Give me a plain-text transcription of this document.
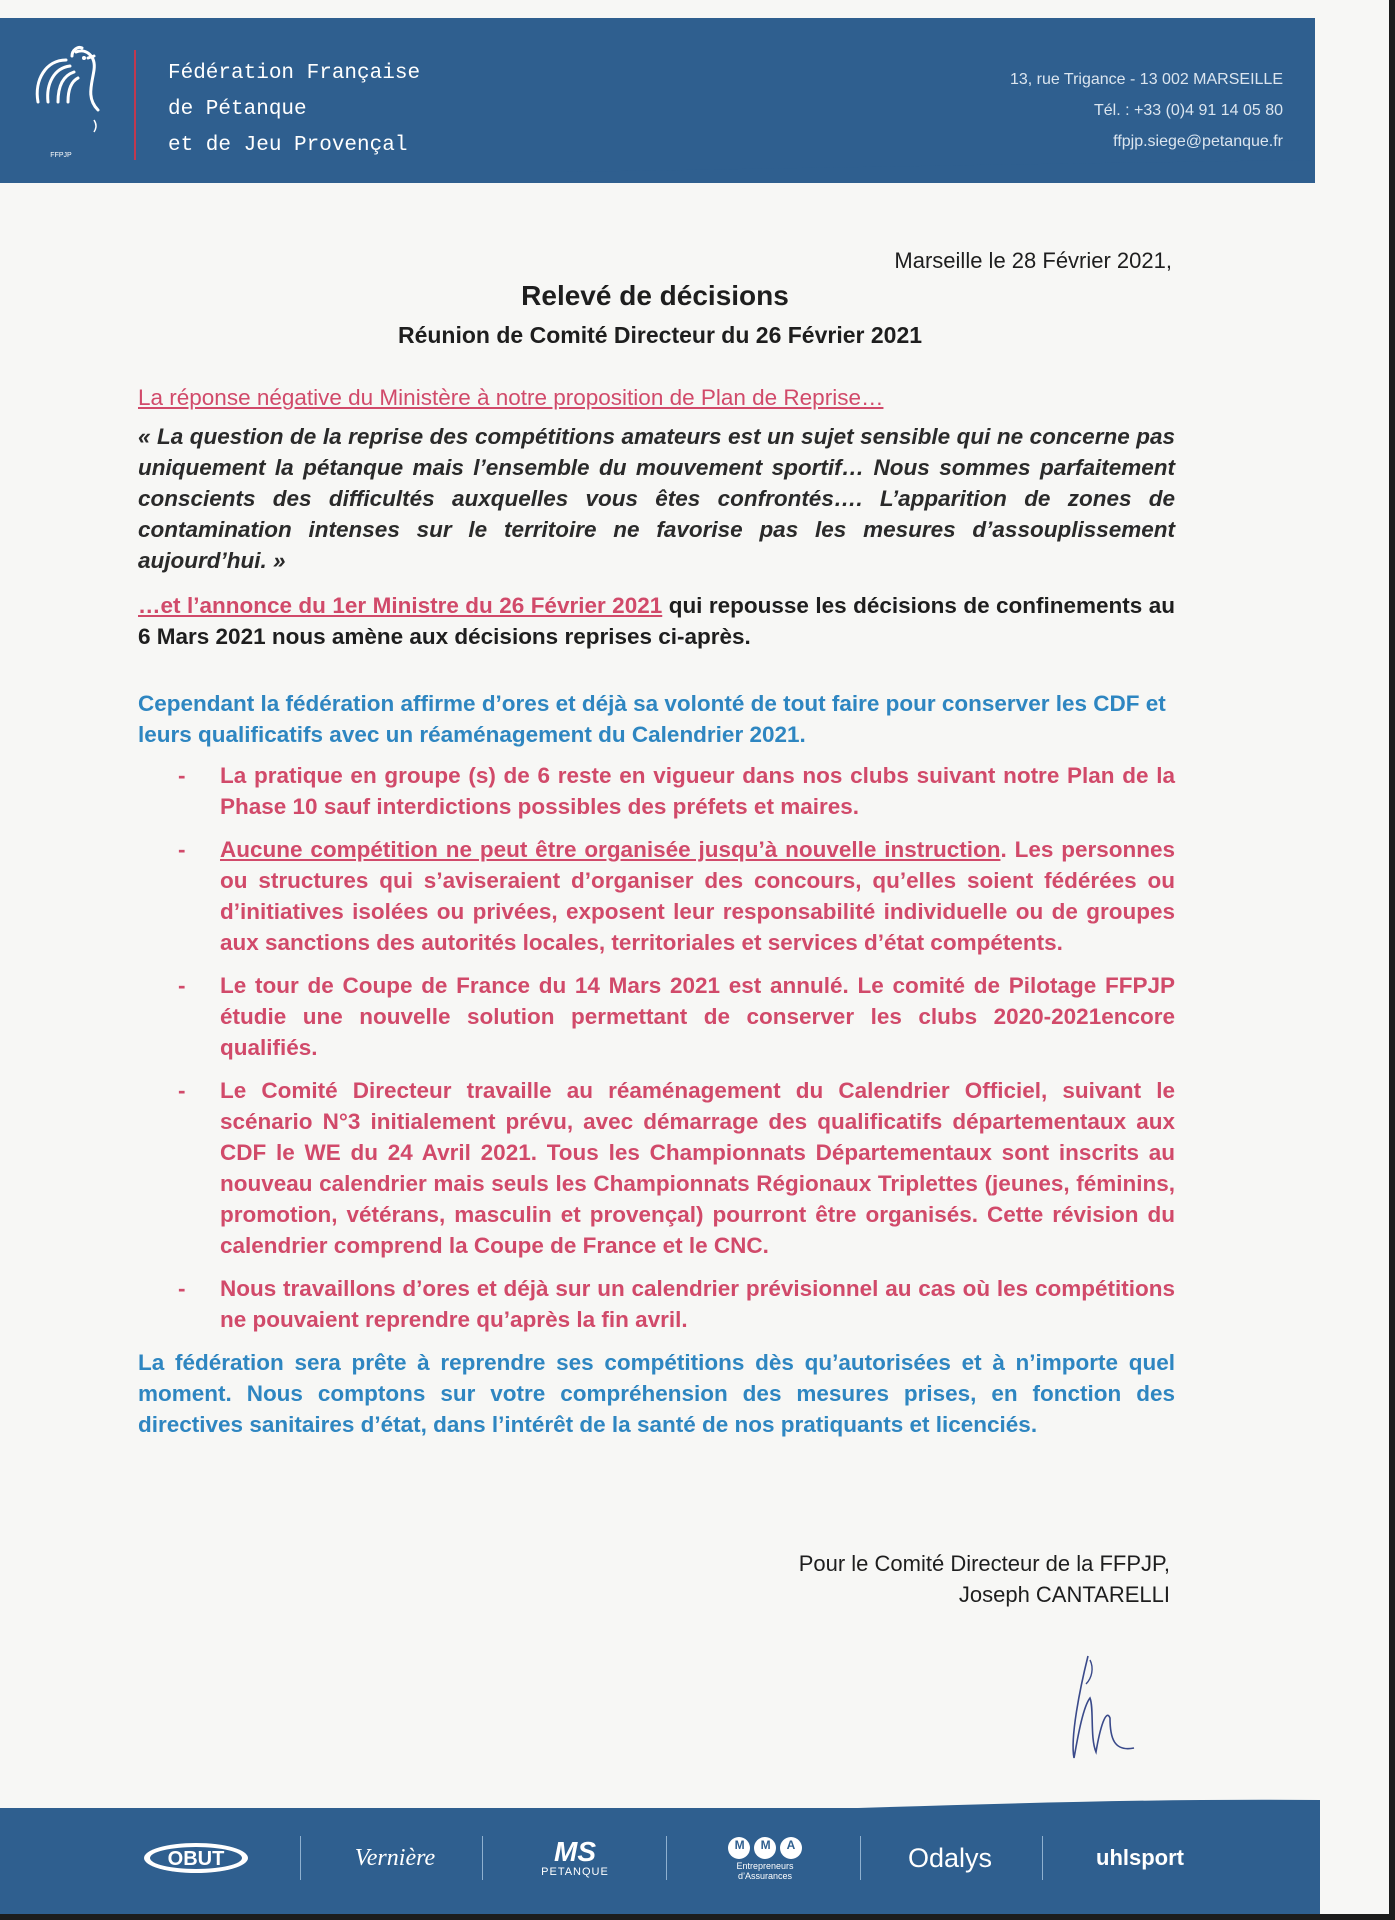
FFPJP
Fédération Française
de Pétanque
et de Jeu Provençal
13, rue Trigance - 13 002 MARSEILLE
Tél. : +33 (0)4 91 14 05 80
ffpjp.siege@petanque.fr
Marseille le 28 Février 2021,
Relevé de décisions
Réunion de Comité Directeur du 26 Février 2021

La réponse négative du Ministère à notre proposition de Plan de Reprise…

« La question de la reprise des compétitions amateurs est un sujet sensible qui ne concerne pas uniquement la pétanque mais l’ensemble du mouvement sportif… Nous sommes parfaitement conscients des difficultés auxquelles vous êtes confrontés…. L’apparition de zones de contamination intenses sur le territoire ne favorise pas les mesures d’assouplissement aujourd’hui. »

…et l’annonce du 1er Ministre du 26 Février 2021 qui repousse les décisions de confinements au 6 Mars 2021 nous amène aux décisions reprises ci-après.

Cependant la fédération affirme d’ores et déjà sa volonté de tout faire pour conserver les CDF et leurs qualificatifs avec un réaménagement du Calendrier 2021.

- La pratique en groupe (s) de 6 reste en vigueur dans nos clubs suivant notre Plan de la Phase 10 sauf interdictions possibles des préfets et maires.
- Aucune compétition ne peut être organisée jusqu’à nouvelle instruction. Les personnes ou structures qui s’aviseraient d’organiser des concours, qu’elles soient fédérées ou d’initiatives isolées ou privées, exposent leur responsabilité individuelle ou de groupes aux sanctions des autorités locales, territoriales et services d’état compétents.
- Le tour de Coupe de France du 14 Mars 2021 est annulé. Le comité de Pilotage FFPJP étudie une nouvelle solution permettant de conserver les clubs 2020-2021encore qualifiés.
- Le Comité Directeur travaille au réaménagement du Calendrier Officiel, suivant le scénario N°3 initialement prévu, avec démarrage des qualificatifs départementaux aux CDF le WE du 24 Avril 2021. Tous les Championnats Départementaux sont inscrits au nouveau calendrier mais seuls les Championnats Régionaux Triplettes (jeunes, féminins, promotion, vétérans, masculin et provençal) pourront être organisés. Cette révision du calendrier comprend la Coupe de France et le CNC.
- Nous travaillons d’ores et déjà sur un calendrier prévisionnel au cas où les compétitions ne pouvaient reprendre qu’après la fin avril.

La fédération sera prête à reprendre ses compétitions dès qu’autorisées et à n’importe quel moment. Nous comptons sur votre compréhension des mesures prises, en fonction des directives sanitaires d’état, dans l’intérêt de la santé de nos pratiquants et licenciés.

Pour le Comité Directeur de la FFPJP,
Joseph CANTARELLI
OBUT	Vernière	MS
PETANQUE
MMA
Entrepreneurs d’Assurances
Odalys	uhlsport
